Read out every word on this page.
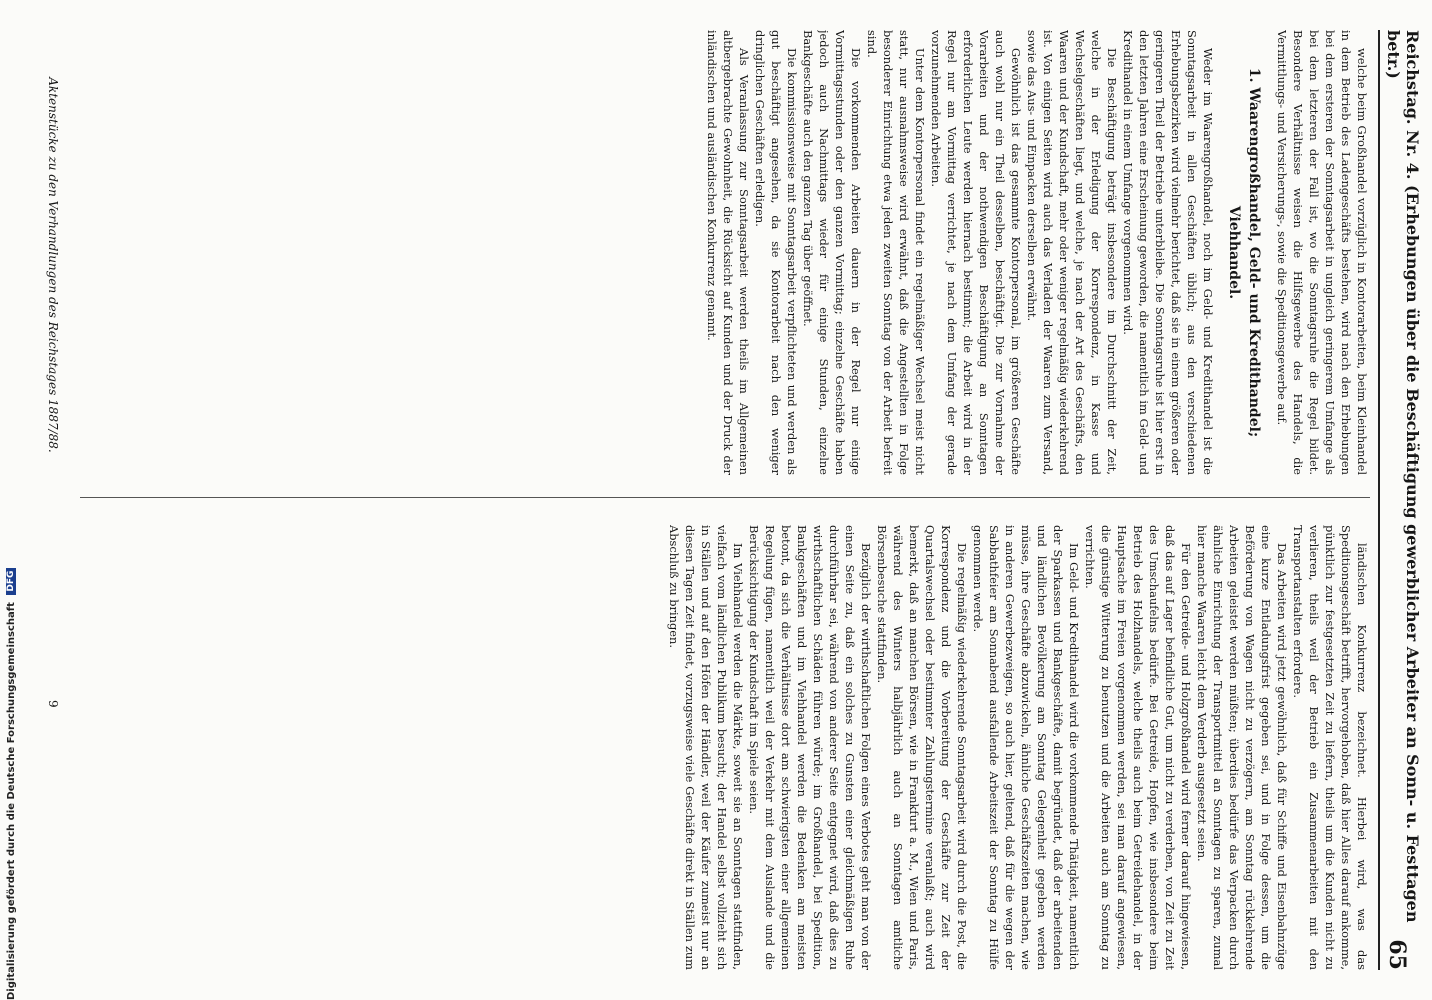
Reichstag. Nr. 4. (Erhebungen über die Beschäftigung gewerblicher Arbeiter an Sonn- u. Festtagen betr.)
65

welche beim Großhandel vorzüglich in Kontorarbeiten, beim Kleinhandel in dem Betrieb des Ladengeschäfts bestehen, wird nach den Erhebungen bei dem ersteren der Sonntagsarbeit in ungleich geringerem Umfange als bei dem letzteren der Fall ist, wo die Sonntagsruhe die Regel bildet. Besondere Verhältnisse weisen die Hilfsgewerbe des Handels, die Vermittlungs- und Versicherungs-, sowie die Speditionsgewerbe auf.

1. Waarengroßhandel, Geld- und Kredithandel; Viehhandel.

Weder im Waarengroßhandel, noch im Geld- und Kredithandel ist die Sonntagsarbeit in allen Geschäften üblich; aus den verschiedenen Erhebungsbezirken wird vielmehr berichtet, daß sie in einem größeren oder geringeren Theil der Betriebe unterbleibe. Die Sonntagsruhe ist hier erst in den letzten Jahren eine Erscheinung geworden, die namentlich im Geld- und Kredithandel in einem Umfange vorgenommen wird.

Die Beschäftigung beträgt insbesondere im Durchschnitt der Zeit, welche in der Erledigung der Korrespondenz, in Kasse und Wechselgeschäften liegt, und welche, je nach der Art des Geschäfts, den Waaren und der Kundschaft, mehr oder weniger regelmäßig wiederkehrend ist. Von einigen Seiten wird auch das Verladen der Waaren zum Versand, sowie das Aus- und Einpacken derselben erwähnt.

Gewöhnlich ist das gesammte Kontorpersonal, im größeren Geschäfte auch wohl nur ein Theil desselben, beschäftigt. Die zur Vornahme der Vorarbeiten und der nothwendigen Beschäftigung an Sonntagen erforderlichen Leute werden hiernach bestimmt; die Arbeit wird in der Regel nur am Vormittag verrichtet, je nach dem Umfang der gerade vorzunehmenden Arbeiten.

Unter dem Kontorpersonal findet ein regelmäßiger Wechsel meist nicht statt, nur ausnahmsweise wird erwähnt, daß die Angestellten in Folge besonderer Einrichtung etwa jeden zweiten Sonntag von der Arbeit befreit sind.

Die vorkommenden Arbeiten dauern in der Regel nur einige Vormittagsstunden oder den ganzen Vormittag; einzelne Geschäfte haben jedoch auch Nachmittags wieder für einige Stunden, einzelne Bankgeschäfte auch den ganzen Tag über geöffnet.

Die kommissionsweise mit Sonntagsarbeit verpflichteten und werden als gut beschäftigt angesehen, da sie Kontorarbeit nach den weniger dringlichen Geschäften erledigen.

Als Veranlassung zur Sonntagsarbeit werden theils im Allgemeinen altbergebrachte Gewohnheit, die Rücksicht auf Kunden und der Druck der inländischen und ausländischen Konkurrenz genannt.

ländischen Konkurrenz bezeichnet. Hierbei wird, was das Speditionsgeschäft betrifft, hervorgehoben, daß hier Alles darauf ankomme, pünktlich zur festgesetzten Zeit zu liefern, theils um die Kunden nicht zu verlieren, theils weil der Betrieb ein Zusammenarbeiten mit den Transportanstalten erfordere.

Das Arbeiten wird jetzt gewöhnlich, daß für Schiffe und Eisenbahnzüge eine kurze Entladungsfrist gegeben sei, und in Folge dessen, um die Beförderung von Wagen nicht zu verzögern, am Sonntag rückkehrende Arbeiten geleistet werden müßten; überdies bedürfe das Verpacken durch ähnliche Einrichtung der Transportmittel an Sonntagen zu sparen, zumal hier manche Waaren leicht dem Verderb ausgesetzt seien.

Für den Getreide- und Holzgroßhandel wird ferner darauf hingewiesen, daß das auf Lager befindliche Gut, um nicht zu verderben, von Zeit zu Zeit des Umschaufelns bedürfe. Bei Getreide, Hopfen, wie insbesondere beim Betrieb des Holzhandels, welche theils auch beim Getreidehandel, in der Hauptsache im Freien vorgenommen werden, sei man darauf angewiesen, die günstige Witterung zu benutzen und die Arbeiten auch am Sonntag zu verrichten.

Im Geld- und Kredithandel wird die vorkommende Thätigkeit, namentlich der Sparkassen und Bankgeschäfte, damit begründet, daß der arbeitenden und ländlichen Bevölkerung am Sonntag Gelegenheit gegeben werden müsse, ihre Geschäfte abzuwickeln, ähnliche Geschäftszeiten machen, wie in anderen Gewerbezweigen, so auch hier, geltend, daß für die wegen der Sabbathfeier am Sonnabend ausfallende Arbeitszeit der Sonntag zu Hülfe genommen werde.

Die regelmäßig wiederkehrende Sonntagsarbeit wird durch die Post, die Korrespondenz und die Vorbereitung der Geschäfte zur Zeit der Quartalswechsel oder bestimmter Zahlungstermine veranlaßt; auch wird bemerkt, daß an manchen Börsen, wie in Frankfurt a. M., Wien und Paris, während des Winters halbjährlich auch an Sonntagen amtliche Börsenbesuche stattfinden.

Bezüglich der wirthschaftlichen Folgen eines Verbotes geht man von der einen Seite zu, daß ein solches zu Gunsten einer gleichmäßigen Ruhe durchführbar sei, während von anderer Seite entgegnet wird, daß dies zu wirthschaftlichen Schäden führen würde; im Großhandel, bei Spedition, Bankgeschäften und im Viehhandel werden die Bedenken am meisten betont, da sich die Verhältnisse dort am schwierigsten einer allgemeinen Regelung fügen, namentlich weil der Verkehr mit dem Auslande und die Berücksichtigung der Kundschaft im Spiele seien.

Im Viehhandel werden die Märkte, soweit sie an Sonntagen stattfinden, vielfach vom ländlichen Publikum besucht; der Handel selbst vollzieht sich in Ställen und auf den Höfen der Händler, weil der Käufer zumeist nur an diesen Tagen Zeit findet, vorzugsweise viele Geschäfte direkt in Ställen zum Abschluß zu bringen.

Aktenstücke zu den Verhandlungen des Reichstages 1887/88.
9
Digitalisierung gefördert durch die Deutsche Forschungsgemeinschaft DFG
